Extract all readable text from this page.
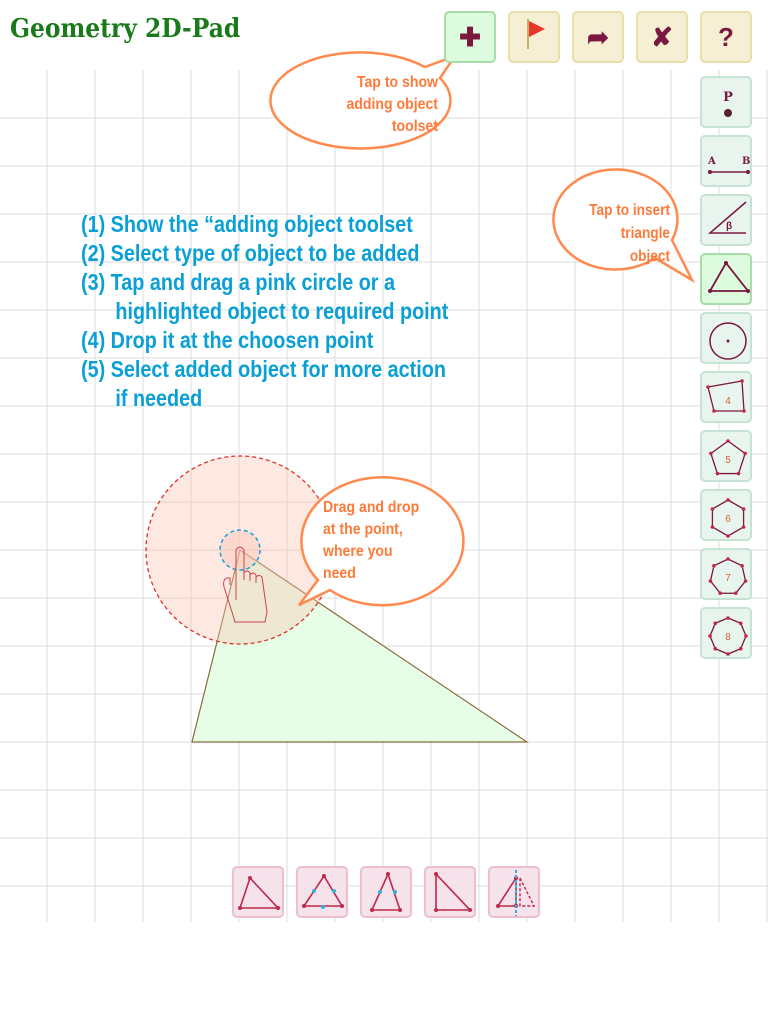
Geometry 2D-Pad	✚	➦ ✘ ?
P
A	B
β
4
5
6
7
8
(1) Show the “adding object toolset
(2) Select type of object to be added
(3) Tap and drag a pink circle or a
highlighted object to required point
(4) Drop it at the choosen point
(5) Select added object for more action
if needed
Tap to show
adding object
toolset
Tap to insert
triangle
object
Drag and drop
at the point,
where you
need
